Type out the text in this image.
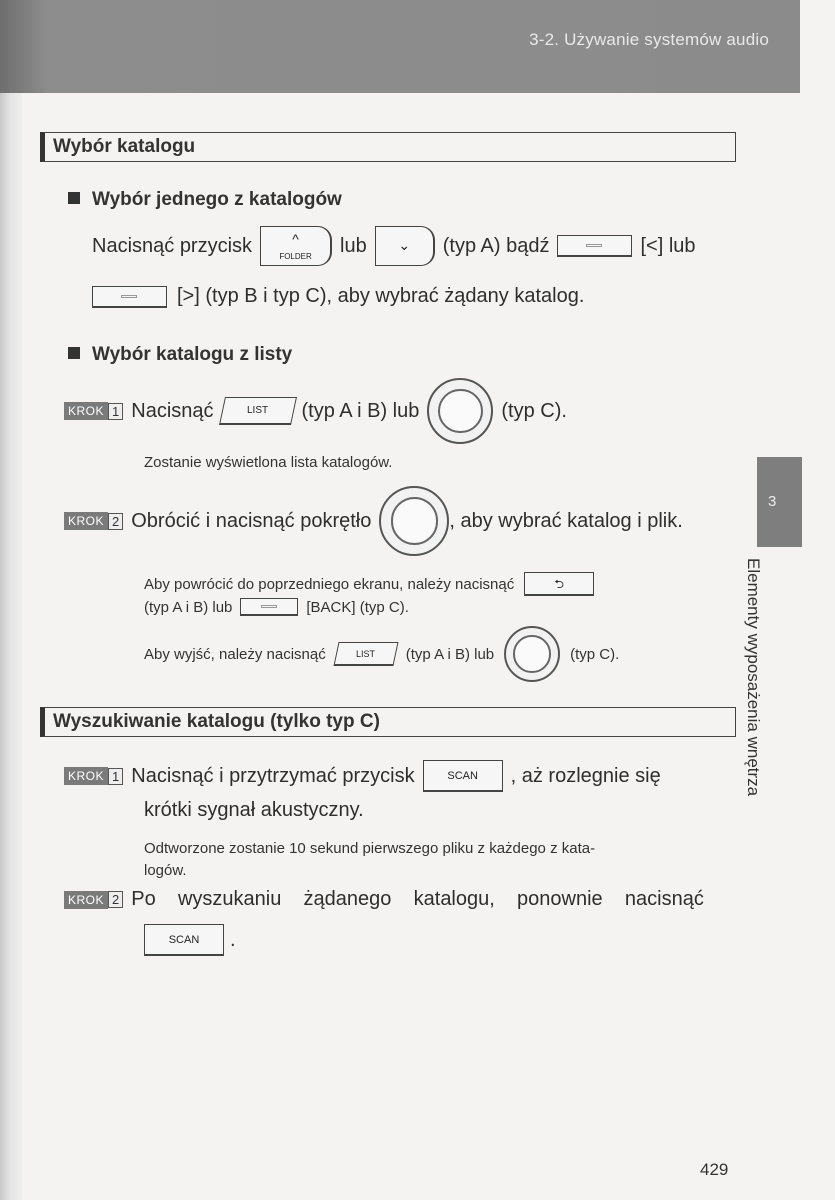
3-2. Używanie systemów audio
3
Elementy wyposażenia wnętrza
Wybór katalogu
Wybór jednego z katalogów
Nacisnąć przycisk	^
FOLDER	lub	⌄	(typ A) bądź	[<] lub
[>] (typ B i typ C), aby wybrać żądany katalog.
Wybór katalogu z listy
KROK 1 Nacisnąć	LIST	(typ A i B) lub	(typ C).
Zostanie wyświetlona lista katalogów.
KROK 2 Obrócić i nacisnąć pokrętło	, aby wybrać katalog i plik.
Aby powrócić do poprzedniego ekranu, należy nacisnąć	⮌
(typ A i B) lub	[BACK] (typ C).
Aby wyjść, należy nacisnąć	LIST	(typ A i B) lub	(typ C).
Wyszukiwanie katalogu (tylko typ C)
KROK 1 Nacisnąć i przytrzymać przycisk	SCAN	, aż rozlegnie się
krótki sygnał akustyczny.
Odtworzone zostanie 10 sekund pierwszego pliku z każdego z kata-
logów.
KROK 2 Po    wyszukaniu    żądanego    katalogu,    ponownie    nacisnąć
SCAN	.
429
